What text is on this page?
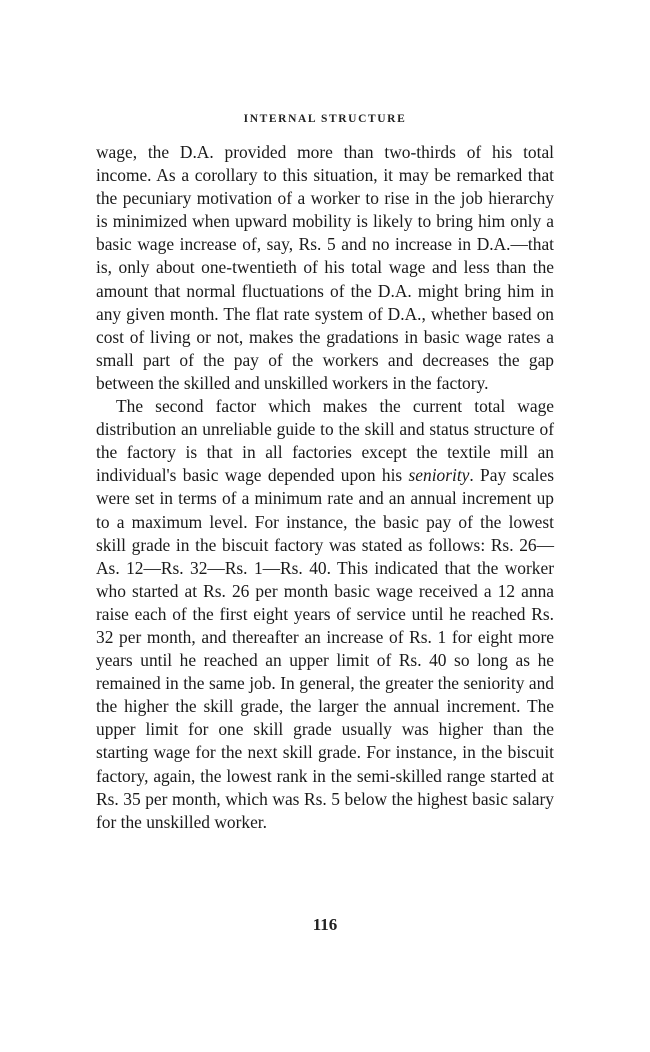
INTERNAL STRUCTURE

wage, the D.A. provided more than two-thirds of his total income. As a corollary to this situation, it may be remarked that the pecuniary motivation of a worker to rise in the job hierarchy is minimized when upward mobility is likely to bring him only a basic wage increase of, say, Rs. 5 and no increase in D.A.—that is, only about one-twentieth of his total wage and less than the amount that normal fluctuations of the D.A. might bring him in any given month. The flat rate system of D.A., whether based on cost of living or not, makes the gradations in basic wage rates a small part of the pay of the workers and decreases the gap between the skilled and unskilled workers in the factory.

The second factor which makes the current total wage distribution an unreliable guide to the skill and status structure of the factory is that in all factories except the textile mill an individual's basic wage depended upon his seniority. Pay scales were set in terms of a minimum rate and an annual increment up to a maximum level. For instance, the basic pay of the lowest skill grade in the biscuit factory was stated as follows: Rs. 26—As. 12—Rs. 32—Rs. 1—Rs. 40. This indicated that the worker who started at Rs. 26 per month basic wage received a 12 anna raise each of the first eight years of service until he reached Rs. 32 per month, and thereafter an increase of Rs. 1 for eight more years until he reached an upper limit of Rs. 40 so long as he remained in the same job. In general, the greater the seniority and the higher the skill grade, the larger the annual increment. The upper limit for one skill grade usually was higher than the starting wage for the next skill grade. For instance, in the biscuit factory, again, the lowest rank in the semi-skilled range started at Rs. 35 per month, which was Rs. 5 below the highest basic salary for the unskilled worker.

116
